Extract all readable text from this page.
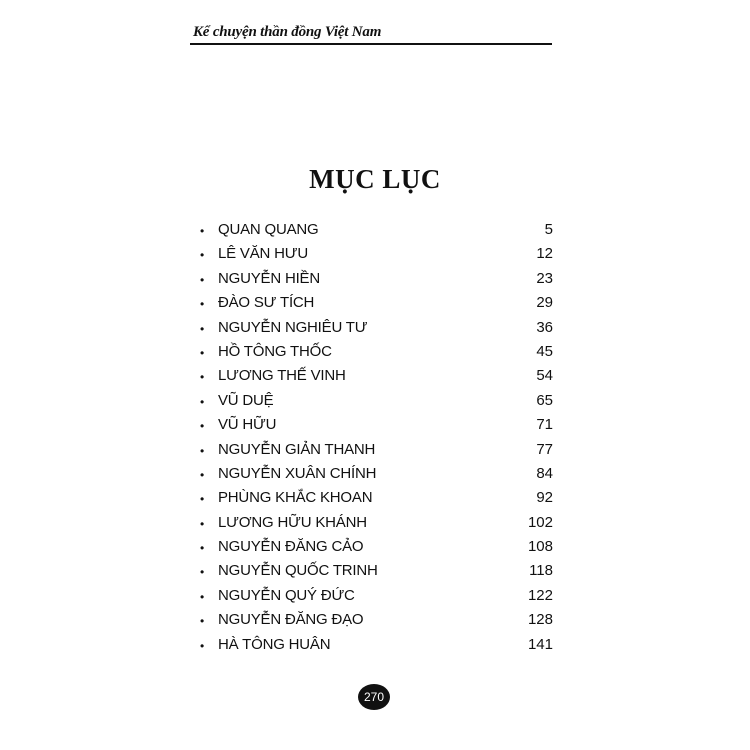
Kể chuyện thần đồng Việt Nam
MỤC LỤC
• QUAN QUANG	5
• LÊ VĂN HƯU	12
• NGUYỄN HIỀN	23
• ĐÀO SƯ TÍCH	29
• NGUYỄN NGHIÊU TƯ	36
• HỒ TÔNG THỐC	45
• LƯƠNG THẾ VINH	54
• VŨ DUỆ	65
• VŨ HỮU	71
• NGUYỄN GIẢN THANH	77
• NGUYỄN XUÂN CHÍNH	84
• PHÙNG KHẮC KHOAN	92
• LƯƠNG HỮU KHÁNH	102
• NGUYỄN ĐĂNG CẢO	108
• NGUYỄN QUỐC TRINH	118
• NGUYỄN QUÝ ĐỨC	122
• NGUYỄN ĐĂNG ĐẠO	128
• HÀ TÔNG HUÂN	141
270
